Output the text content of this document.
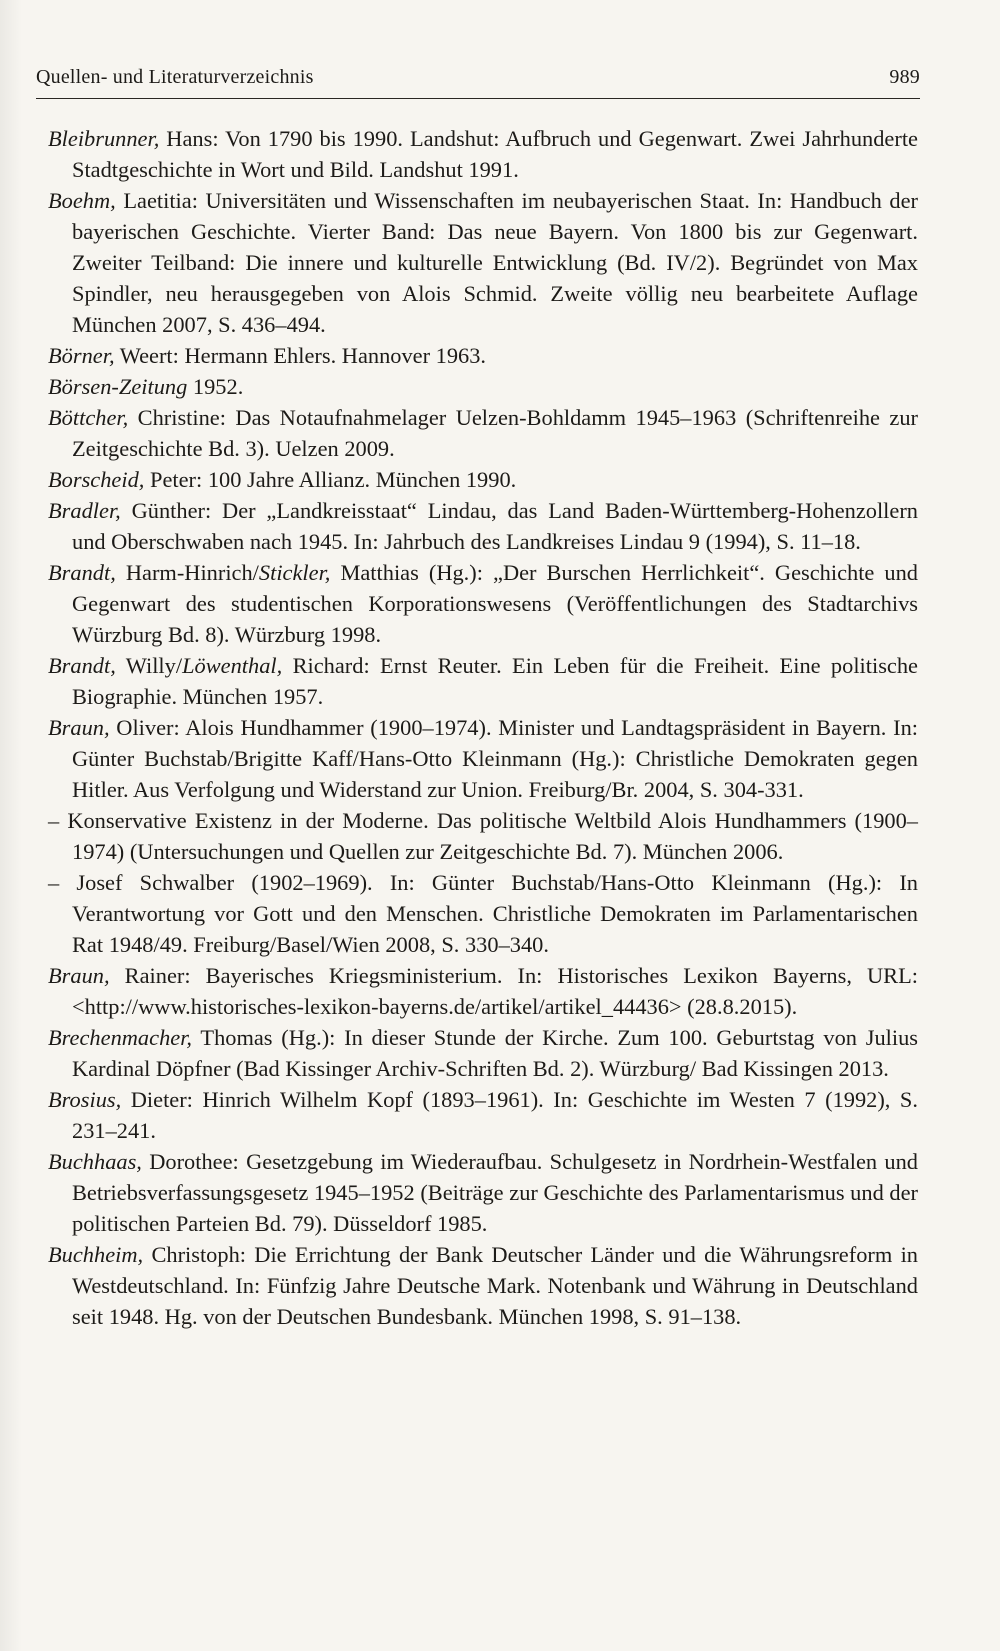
Quellen- und Literaturverzeichnis	989

Bleibrunner, Hans: Von 1790 bis 1990. Landshut: Aufbruch und Gegenwart. Zwei Jahrhunderte Stadtgeschichte in Wort und Bild. Landshut 1991.

Boehm, Laetitia: Universitäten und Wissenschaften im neubayerischen Staat. In: Handbuch der bayerischen Geschichte. Vierter Band: Das neue Bayern. Von 1800 bis zur Gegenwart. Zweiter Teilband: Die innere und kulturelle Entwicklung (Bd. IV/2). Begründet von Max Spindler, neu herausgegeben von Alois Schmid. Zweite völlig neu bearbeitete Auflage München 2007, S. 436–494.

Börner, Weert: Hermann Ehlers. Hannover 1963.

Börsen-Zeitung 1952.

Böttcher, Christine: Das Notaufnahmelager Uelzen-Bohldamm 1945–1963 (Schriftenreihe zur Zeitgeschichte Bd. 3). Uelzen 2009.

Borscheid, Peter: 100 Jahre Allianz. München 1990.

Bradler, Günther: Der „Landkreisstaat“ Lindau, das Land Baden-Württemberg-Hohenzollern und Oberschwaben nach 1945. In: Jahrbuch des Landkreises Lindau 9 (1994), S. 11–18.

Brandt, Harm-Hinrich/Stickler, Matthias (Hg.): „Der Burschen Herrlichkeit“. Geschichte und Gegenwart des studentischen Korporationswesens (Veröffentlichungen des Stadtarchivs Würzburg Bd. 8). Würzburg 1998.

Brandt, Willy/Löwenthal, Richard: Ernst Reuter. Ein Leben für die Freiheit. Eine politische Biographie. München 1957.

Braun, Oliver: Alois Hundhammer (1900–1974). Minister und Landtagspräsident in Bayern. In: Günter Buchstab/Brigitte Kaff/Hans-Otto Kleinmann (Hg.): Christliche Demokraten gegen Hitler. Aus Verfolgung und Widerstand zur Union. Freiburg/Br. 2004, S. 304-331.

– Konservative Existenz in der Moderne. Das politische Weltbild Alois Hundhammers (1900–1974) (Untersuchungen und Quellen zur Zeitgeschichte Bd. 7). München 2006.

– Josef Schwalber (1902–1969). In: Günter Buchstab/Hans-Otto Kleinmann (Hg.): In Verantwortung vor Gott und den Menschen. Christliche Demokraten im Parlamentarischen Rat 1948/49. Freiburg/Basel/Wien 2008, S. 330–340.

Braun, Rainer: Bayerisches Kriegsministerium. In: Historisches Lexikon Bayerns, URL: <http://www.historisches-lexikon-bayerns.de/artikel/artikel_44436> (28.8.2015).

Brechenmacher, Thomas (Hg.): In dieser Stunde der Kirche. Zum 100. Geburtstag von Julius Kardinal Döpfner (Bad Kissinger Archiv-Schriften Bd. 2). Würzburg/ Bad Kissingen 2013.

Brosius, Dieter: Hinrich Wilhelm Kopf (1893–1961). In: Geschichte im Westen 7 (1992), S. 231–241.

Buchhaas, Dorothee: Gesetzgebung im Wiederaufbau. Schulgesetz in Nordrhein-Westfalen und Betriebsverfassungsgesetz 1945–1952 (Beiträge zur Geschichte des Parlamentarismus und der politischen Parteien Bd. 79). Düsseldorf 1985.

Buchheim, Christoph: Die Errichtung der Bank Deutscher Länder und die Währungsreform in Westdeutschland. In: Fünfzig Jahre Deutsche Mark. Notenbank und Währung in Deutschland seit 1948. Hg. von der Deutschen Bundesbank. München 1998, S. 91–138.
